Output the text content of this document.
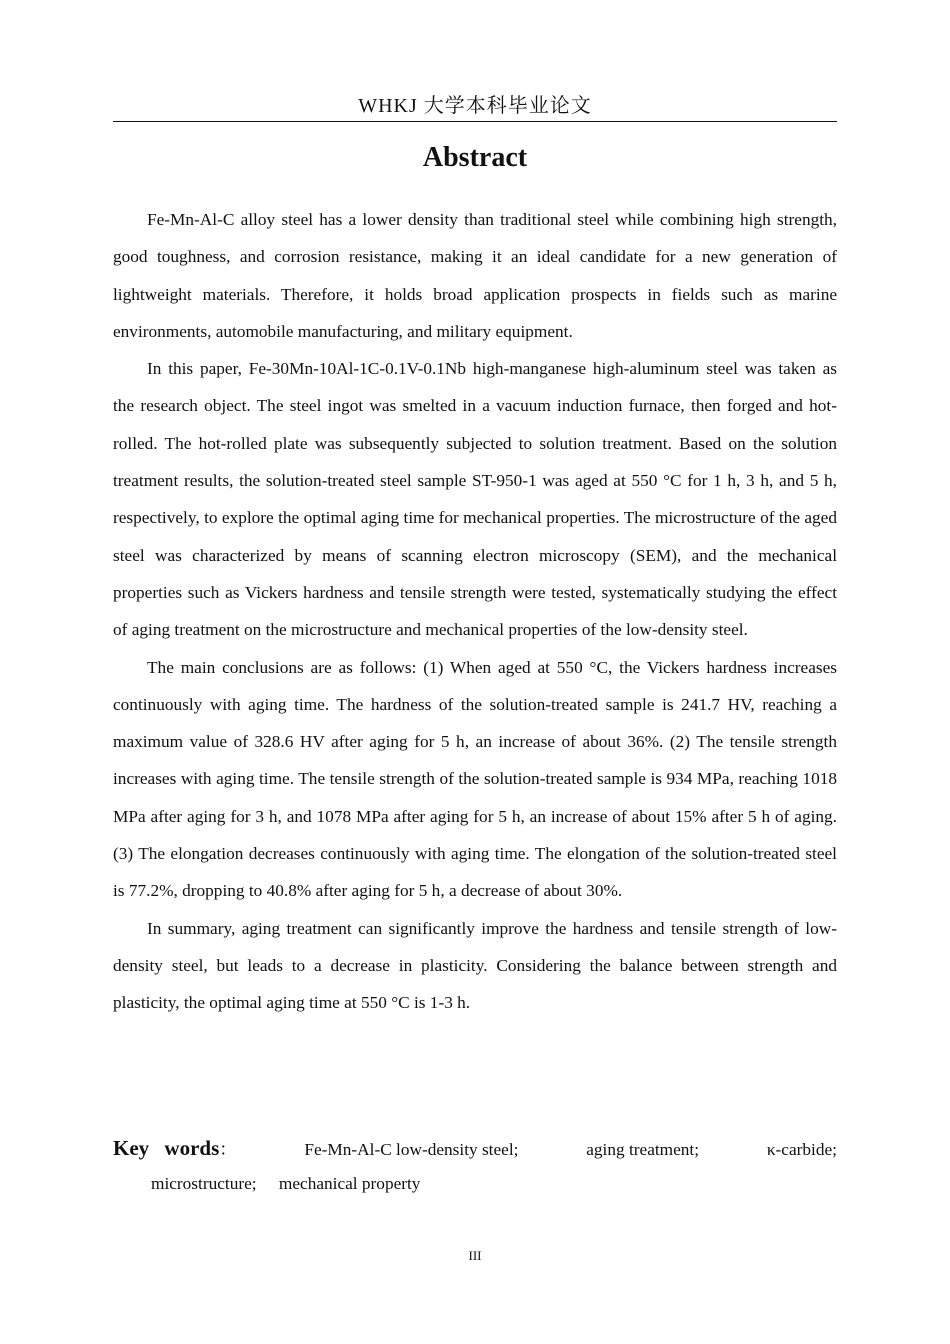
WHKJ 大学本科毕业论文
Abstract

Fe-Mn-Al-C alloy steel has a lower density than traditional steel while combining high strength, good toughness, and corrosion resistance, making it an ideal candidate for a new generation of lightweight materials. Therefore, it holds broad application prospects in fields such as marine environments, automobile manufacturing, and military equipment.

In this paper, Fe-30Mn-10Al-1C-0.1V-0.1Nb high-manganese high-aluminum steel was taken as the research object. The steel ingot was smelted in a vacuum induction furnace, then forged and hot-rolled. The hot-rolled plate was subsequently subjected to solution treatment. Based on the solution treatment results, the solution-treated steel sample ST-950-1 was aged at 550 °C for 1 h, 3 h, and 5 h, respectively, to explore the optimal aging time for mechanical properties. The microstructure of the aged steel was characterized by means of scanning electron microscopy (SEM), and the mechanical properties such as Vickers hardness and tensile strength were tested, systematically studying the effect of aging treatment on the microstructure and mechanical properties of the low-density steel.

The main conclusions are as follows: (1) When aged at 550 °C, the Vickers hardness increases continuously with aging time. The hardness of the solution-treated sample is 241.7 HV, reaching a maximum value of 328.6 HV after aging for 5 h, an increase of about 36%. (2) The tensile strength increases with aging time. The tensile strength of the solution-treated sample is 934 MPa, reaching 1018 MPa after aging for 3 h, and 1078 MPa after aging for 5 h, an increase of about 15% after 5 h of aging. (3) The elongation decreases continuously with aging time. The elongation of the solution-treated steel is 77.2%, dropping to 40.8% after aging for 5 h, a decrease of about 30%.

In summary, aging treatment can significantly improve the hardness and tensile strength of low-density steel, but leads to a decrease in plasticity. Considering the balance between strength and plasticity, the optimal aging time at 550 °C is 1-3 h.

Key words：	Fe-Mn-Al-C low-density steel;	aging treatment;	κ-carbide;
microstructure; mechanical property
III
